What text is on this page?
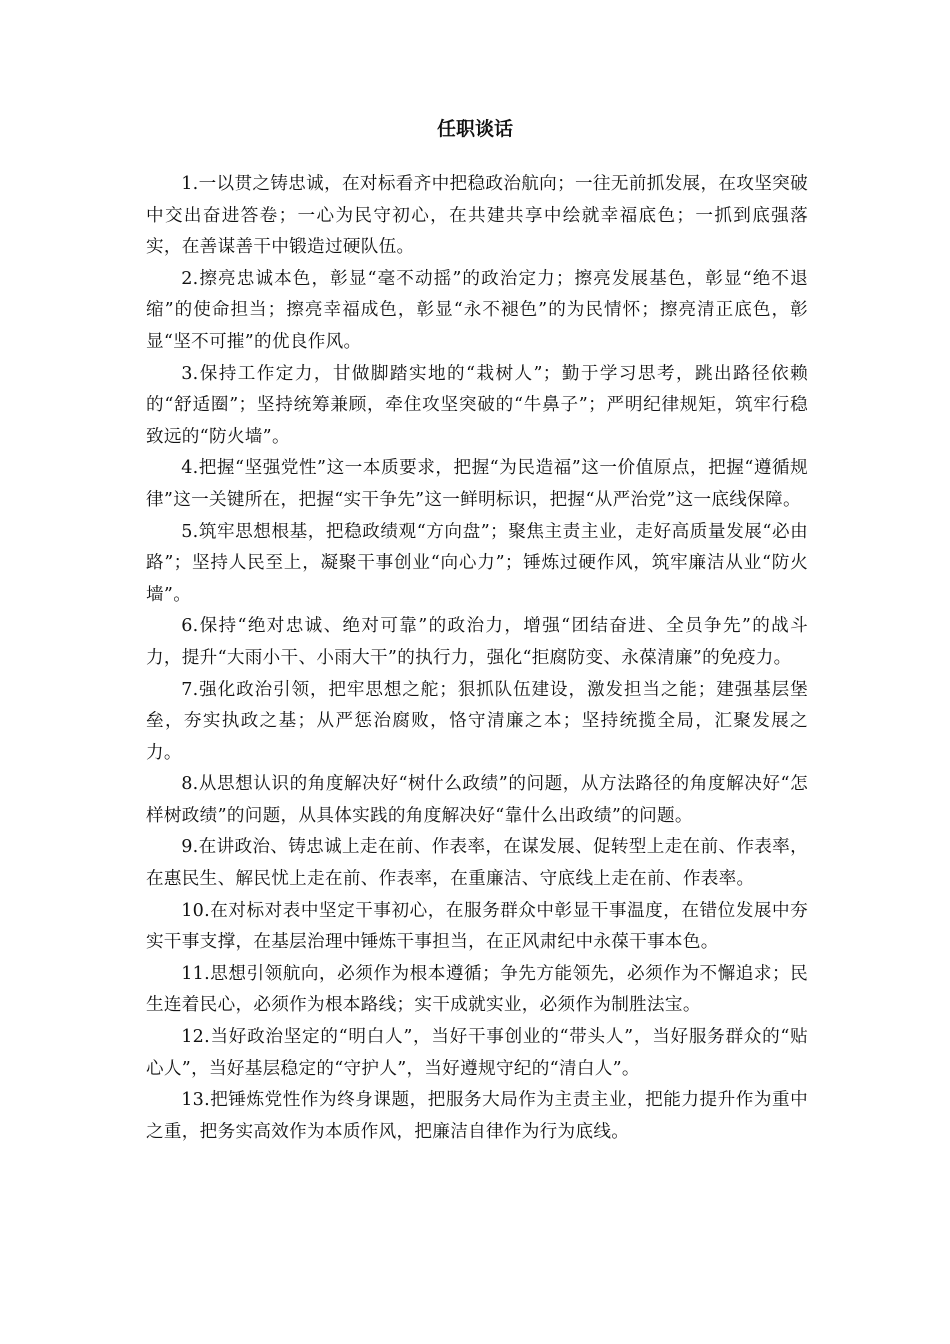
任职谈话

1.一以贯之铸忠诚，在对标看齐中把稳政治航向；一往无前抓发展，在攻坚突破中交出奋进答卷；一心为民守初心，在共建共享中绘就幸福底色；一抓到底强落实，在善谋善干中锻造过硬队伍。

2.擦亮忠诚本色，彰显“毫不动摇”的政治定力；擦亮发展基色，彰显“绝不退缩”的使命担当；擦亮幸福成色，彰显“永不褪色”的为民情怀；擦亮清正底色，彰显“坚不可摧”的优良作风。

3.保持工作定力，甘做脚踏实地的“栽树人”；勤于学习思考，跳出路径依赖的“舒适圈”；坚持统筹兼顾，牵住攻坚突破的“牛鼻子”；严明纪律规矩，筑牢行稳致远的“防火墙”。

4.把握“坚强党性”这一本质要求，把握“为民造福”这一价值原点，把握“遵循规律”这一关键所在，把握“实干争先”这一鲜明标识，把握“从严治党”这一底线保障。

5.筑牢思想根基，把稳政绩观“方向盘”；聚焦主责主业，走好高质量发展“必由路”；坚持人民至上，凝聚干事创业“向心力”；锤炼过硬作风，筑牢廉洁从业“防火墙”。

6.保持“绝对忠诚、绝对可靠”的政治力，增强“团结奋进、全员争先”的战斗力，提升“大雨小干、小雨大干”的执行力，强化“拒腐防变、永葆清廉”的免疫力。

7.强化政治引领，把牢思想之舵；狠抓队伍建设，激发担当之能；建强基层堡垒，夯实执政之基；从严惩治腐败，恪守清廉之本；坚持统揽全局，汇聚发展之力。

8.从思想认识的角度解决好“树什么政绩”的问题，从方法路径的角度解决好“怎样树政绩”的问题，从具体实践的角度解决好“靠什么出政绩”的问题。

9.在讲政治、铸忠诚上走在前、作表率，在谋发展、促转型上走在前、作表率，在惠民生、解民忧上走在前、作表率，在重廉洁、守底线上走在前、作表率。

10.在对标对表中坚定干事初心，在服务群众中彰显干事温度，在错位发展中夯实干事支撑，在基层治理中锤炼干事担当，在正风肃纪中永葆干事本色。

11.思想引领航向，必须作为根本遵循；争先方能领先，必须作为不懈追求；民生连着民心，必须作为根本路线；实干成就实业，必须作为制胜法宝。

12.当好政治坚定的“明白人”，当好干事创业的“带头人”，当好服务群众的“贴心人”，当好基层稳定的“守护人”，当好遵规守纪的“清白人”。

13.把锤炼党性作为终身课题，把服务大局作为主责主业，把能力提升作为重中之重，把务实高效作为本质作风，把廉洁自律作为行为底线。
